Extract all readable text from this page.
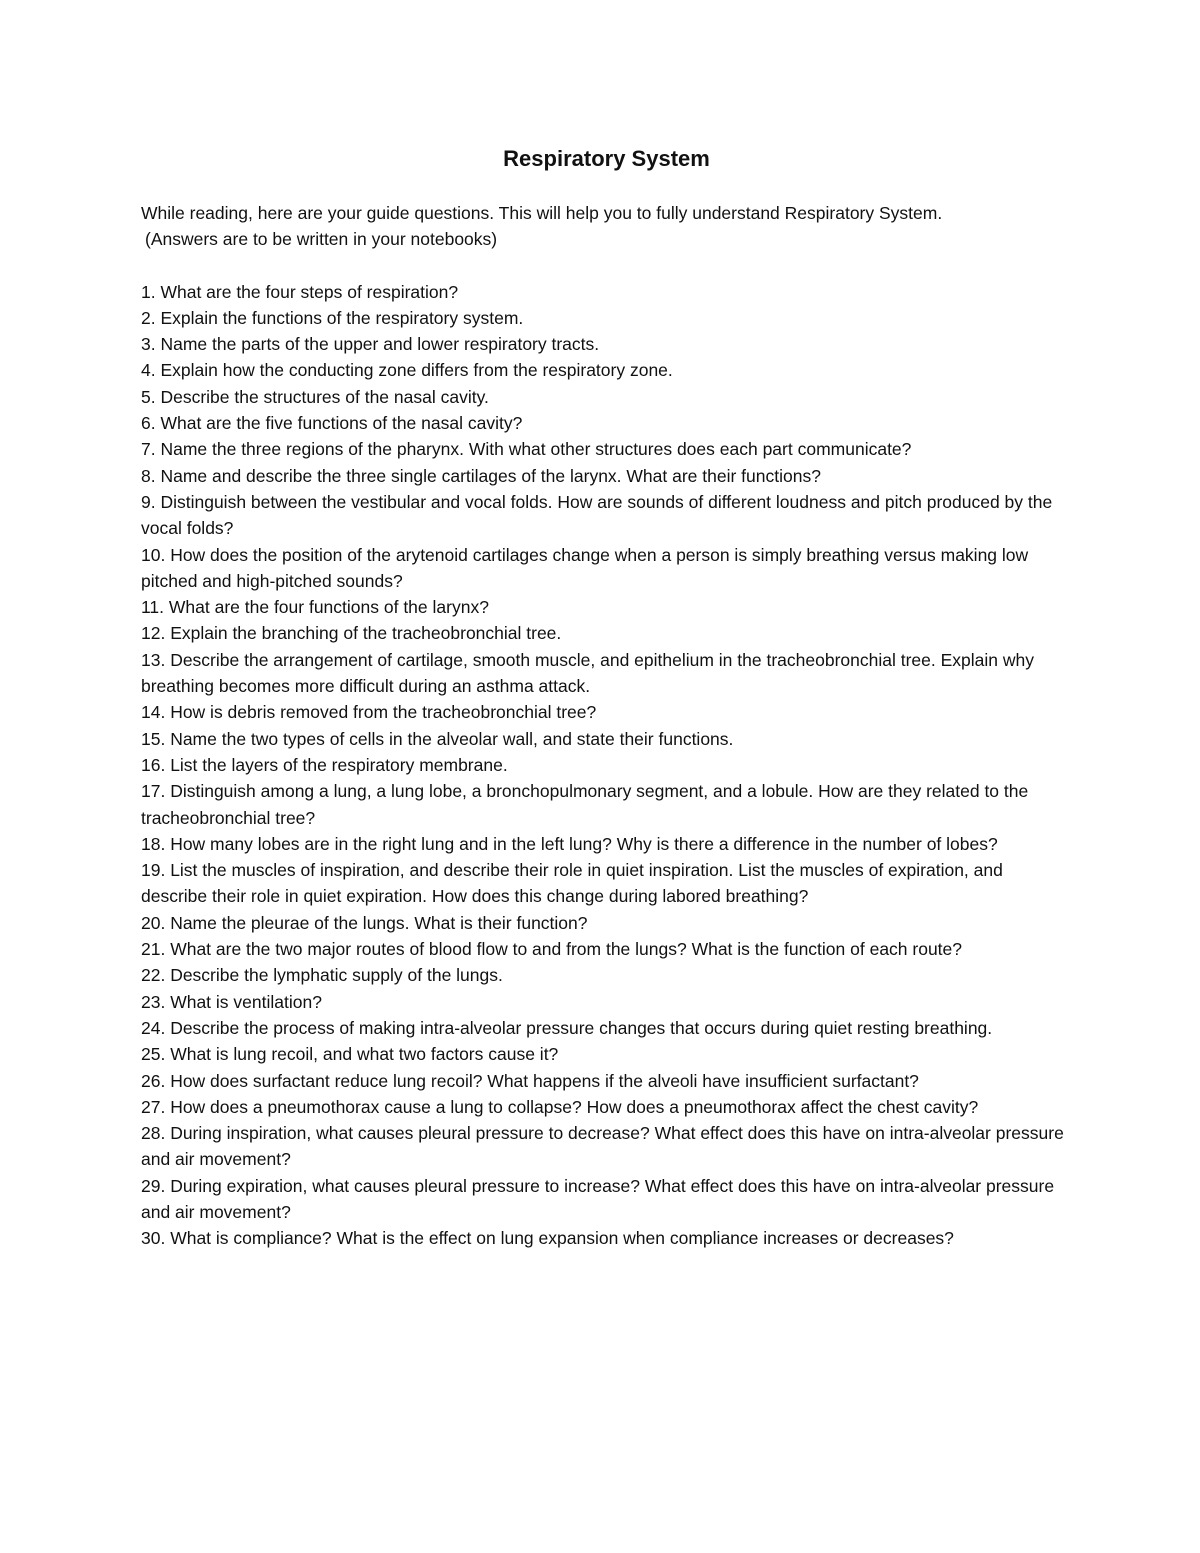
Respiratory System

While reading, here are your guide questions. This will help you to fully understand Respiratory System.
(Answers are to be written in your notebooks)

1. What are the four steps of respiration?
2. Explain the functions of the respiratory system.
3. Name the parts of the upper and lower respiratory tracts.
4. Explain how the conducting zone differs from the respiratory zone.
5. Describe the structures of the nasal cavity.
6. What are the five functions of the nasal cavity?
7. Name the three regions of the pharynx. With what other structures does each part communicate?
8. Name and describe the three single cartilages of the larynx. What are their functions?
9. Distinguish between the vestibular and vocal folds. How are sounds of different loudness and pitch produced by the vocal folds?
10. How does the position of the arytenoid cartilages change when a person is simply breathing versus making low pitched and high-pitched sounds?
11. What are the four functions of the larynx?
12. Explain the branching of the tracheobronchial tree.
13. Describe the arrangement of cartilage, smooth muscle, and epithelium in the tracheobronchial tree. Explain why breathing becomes more difficult during an asthma attack.
14. How is debris removed from the tracheobronchial tree?
15. Name the two types of cells in the alveolar wall, and state their functions.
16. List the layers of the respiratory membrane.
17. Distinguish among a lung, a lung lobe, a bronchopulmonary segment, and a lobule. How are they related to the tracheobronchial tree?
18. How many lobes are in the right lung and in the left lung? Why is there a difference in the number of lobes?
19. List the muscles of inspiration, and describe their role in quiet inspiration. List the muscles of expiration, and describe their role in quiet expiration. How does this change during labored breathing?
20. Name the pleurae of the lungs. What is their function?
21. What are the two major routes of blood flow to and from the lungs? What is the function of each route?
22. Describe the lymphatic supply of the lungs.
23. What is ventilation?
24. Describe the process of making intra-alveolar pressure changes that occurs during quiet resting breathing.
25. What is lung recoil, and what two factors cause it?
26. How does surfactant reduce lung recoil? What happens if the alveoli have insufficient surfactant?
27. How does a pneumothorax cause a lung to collapse? How does a pneumothorax affect the chest cavity?
28. During inspiration, what causes pleural pressure to decrease? What effect does this have on intra-alveolar pressure and air movement?
29. During expiration, what causes pleural pressure to increase? What effect does this have on intra-alveolar pressure and air movement?
30. What is compliance? What is the effect on lung expansion when compliance increases or decreases?
